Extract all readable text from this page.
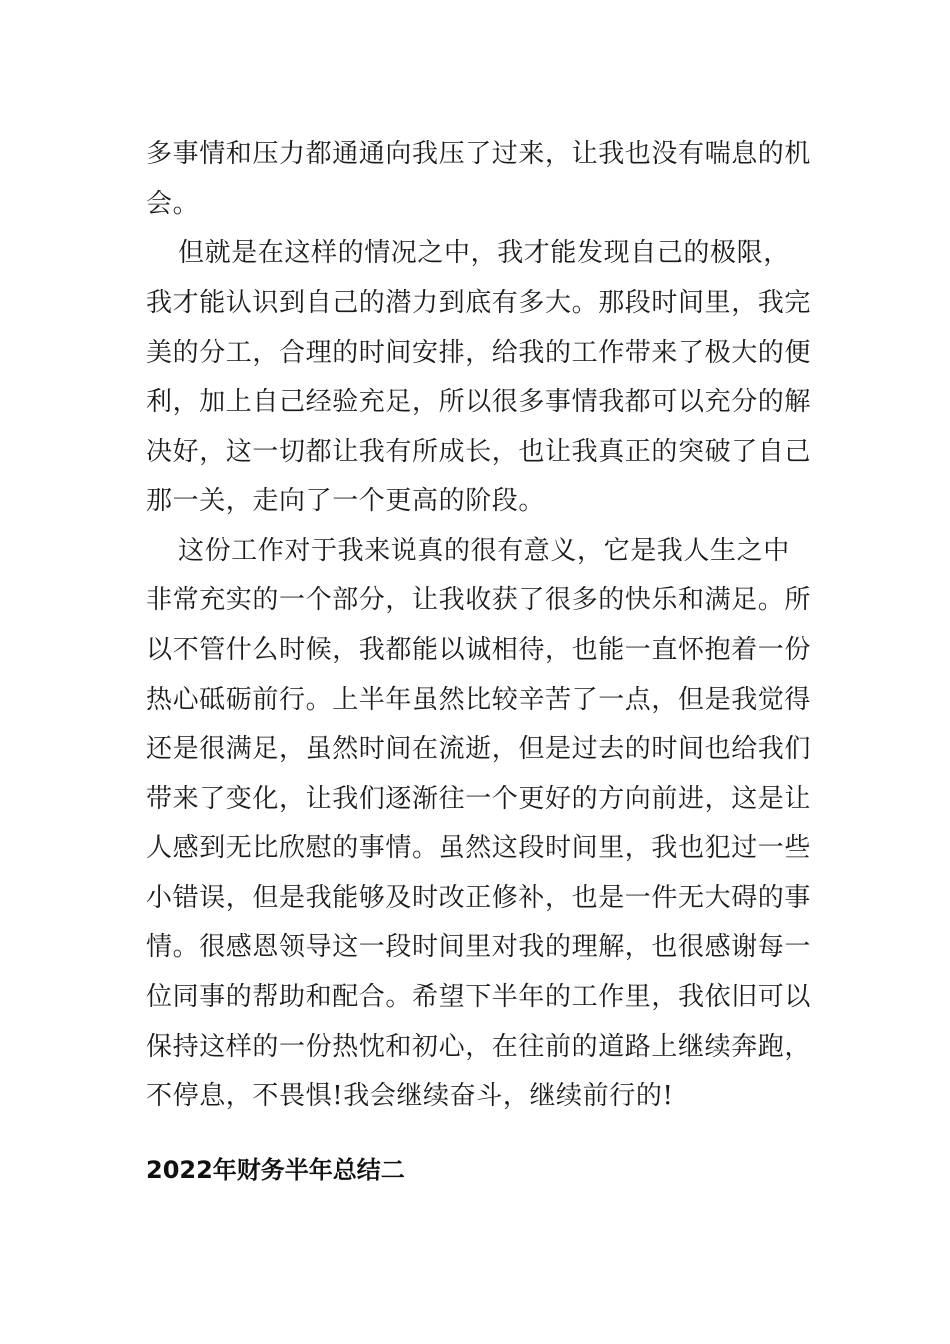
多事情和压力都通通向我压了过来，让我也没有喘息的机
会。
但就是在这样的情况之中，我才能发现自己的极限，
我才能认识到自己的潜力到底有多大。那段时间里，我完
美的分工，合理的时间安排，给我的工作带来了极大的便
利，加上自己经验充足，所以很多事情我都可以充分的解
决好，这一切都让我有所成长，也让我真正的突破了自己
那一关，走向了一个更高的阶段。
这份工作对于我来说真的很有意义，它是我人生之中
非常充实的一个部分，让我收获了很多的快乐和满足。所
以不管什么时候，我都能以诚相待，也能一直怀抱着一份
热心砥砺前行。上半年虽然比较辛苦了一点，但是我觉得
还是很满足，虽然时间在流逝，但是过去的时间也给我们
带来了变化，让我们逐渐往一个更好的方向前进，这是让
人感到无比欣慰的事情。虽然这段时间里，我也犯过一些
小错误，但是我能够及时改正修补，也是一件无大碍的事
情。很感恩领导这一段时间里对我的理解，也很感谢每一
位同事的帮助和配合。希望下半年的工作里，我依旧可以
保持这样的一份热忱和初心，在往前的道路上继续奔跑，
不停息，不畏惧!我会继续奋斗，继续前行的!
2022年财务半年总结二
